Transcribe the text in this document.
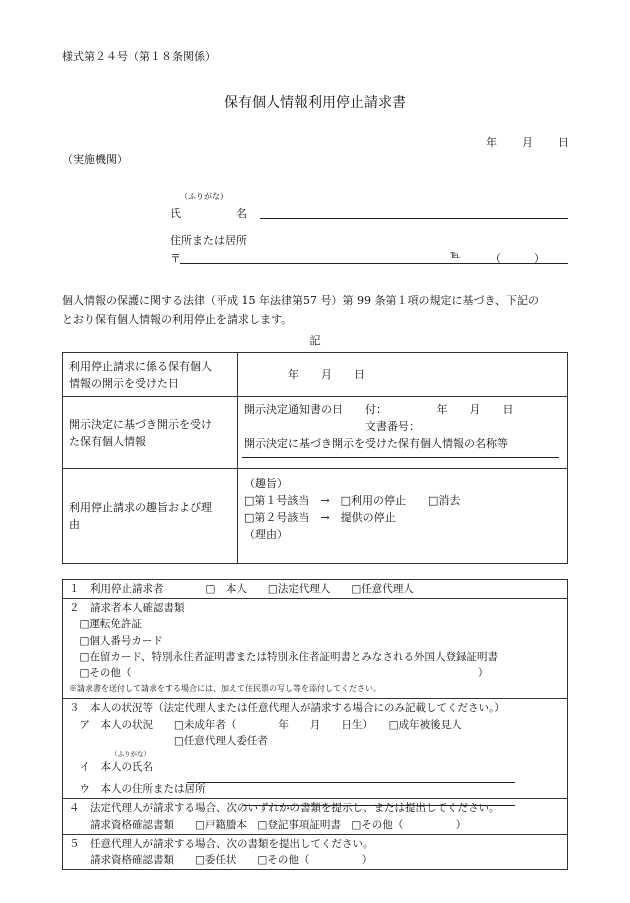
様式第２４号（第１８条関係）
保有個人情報利用停止請求書
年 月 日
（実施機関）
（ふりがな）
氏　　　　　名
住所または居所
〒	℡	（　　　）
個人情報の保護に関する法律（平成 15 年法律第57 号）第 99 条第１項の規定に基づき、下記の
とおり保有個人情報の利用停止を請求します。
記
利用停止請求に係る保有個人
情報の開示を受けた日
年　　月　　日
開示決定に基づき開示を受け
た保有個人情報
開示決定通知書の日　　付：　　　　　年　　月　　日
　　　　　　　　　　　文書番号：
開示決定に基づき開示を受けた保有個人情報の名称等
利用停止請求の趣旨および理
由
（趣旨）
□第１号該当　→　□利用の停止　　□消去
□第２号該当　→　提供の停止
（理由）
１　利用停止請求者　　　　□　本人　　□法定代理人　　□任意代理人
２　請求者本人確認書類
　□運転免許証
　□個人番号カード
　□在留カード、特別永住者証明書または特別永住者証明書とみなされる外国人登録証明書
　□その他（　　　　　　　　　　　　　　　　　　　　　　　　　　　　　　　　　）
※請求書を送付して請求をする場合には、加えて住民票の写し等を添付してください。
３　本人の状況等（法定代理人または任意代理人が請求する場合にのみ記載してください。）
　ア　本人の状況　　□未成年者（　　　　年　　月　　日生）　　□成年被後見人
　　　　　　　　　　□任意代理人委任者
（ふりがな）
　イ　本人の氏名
　ウ　本人の住所または居所
４　法定代理人が請求する場合、次のいずれかの書類を提示し、または提出してください。
　　請求資格確認書類　　□戸籍謄本　□登記事項証明書　□その他（　　　　　）
５　任意代理人が請求する場合、次の書類を提出してください。
　　請求資格確認書類　　□委任状　　□その他（　　　　　）
